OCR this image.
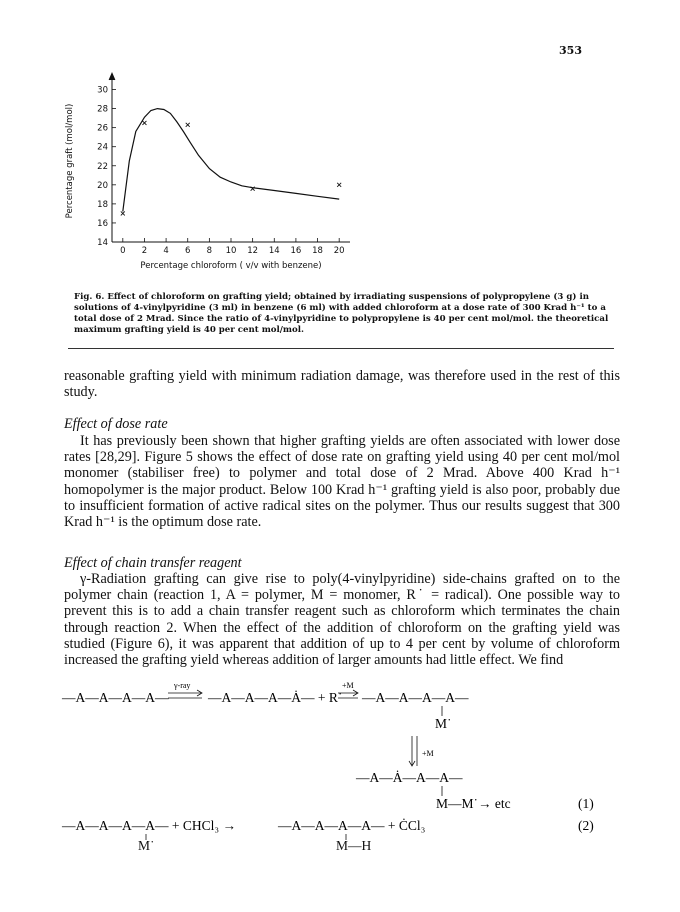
353
0 2 4 6 8 10 12 14 16 18 20
14
16
18
20
22
24
26
28
30
Percentage graft (mol/mol)
Percentage chloroform ( v/v with benzene)
Fig. 6. Effect of chloroform on grafting yield; obtained by irradiating suspensions of polypropylene (3 g) in solutions of 4-vinylpyridine (3 ml) in benzene (6 ml) with added chloroform at a dose rate of 300 Krad h⁻¹ to a total dose of 2 Mrad. Since the ratio of 4-vinylpyridine to polypropylene is 40 per cent mol/mol. the theoretical maximum grafting yield is 40 per cent mol/mol.

reasonable grafting yield with minimum radiation damage, was therefore used in the rest of this study.

Effect of dose rate

It has previously been shown that higher grafting yields are often associated with lower dose rates [28,29]. Figure 5 shows the effect of dose rate on grafting yield using 40 per cent mol/mol monomer (stabiliser free) to polymer and total dose of 2 Mrad. Above 400 Krad h⁻¹ homopolymer is the major product. Below 100 Krad h⁻¹ grafting yield is also poor, probably due to insufficient formation of active radical sites on the polymer. Thus our results suggest that 300 Krad h⁻¹ is the optimum dose rate.

Effect of chain transfer reagent

γ-Radiation grafting can give rise to poly(4-vinylpyridine) side-chains grafted on to the polymer chain (reaction 1, A = polymer, M = monomer, R˙ = radical). One possible way to prevent this is to add a chain transfer reagent such as chloroform which terminates the chain through reaction 2. When the effect of the addition of chloroform on the grafting yield was studied (Figure 6), it was apparent that addition of up to 4 per cent by volume of chloroform increased the grafting yield whereas addition of larger amounts had little effect. We find

—A—A—A—A—
γ-ray
—A—A—A—Ȧ— + R˙
+M
—A—A—A—A—
M˙
+M
—A—Ȧ—A—A—
M—M˙→ etc	(1)
—A—A—A—A— + CHCl₃ →	—A—A—A—A— + ĊCl₃	(2)
M˙	M—H
